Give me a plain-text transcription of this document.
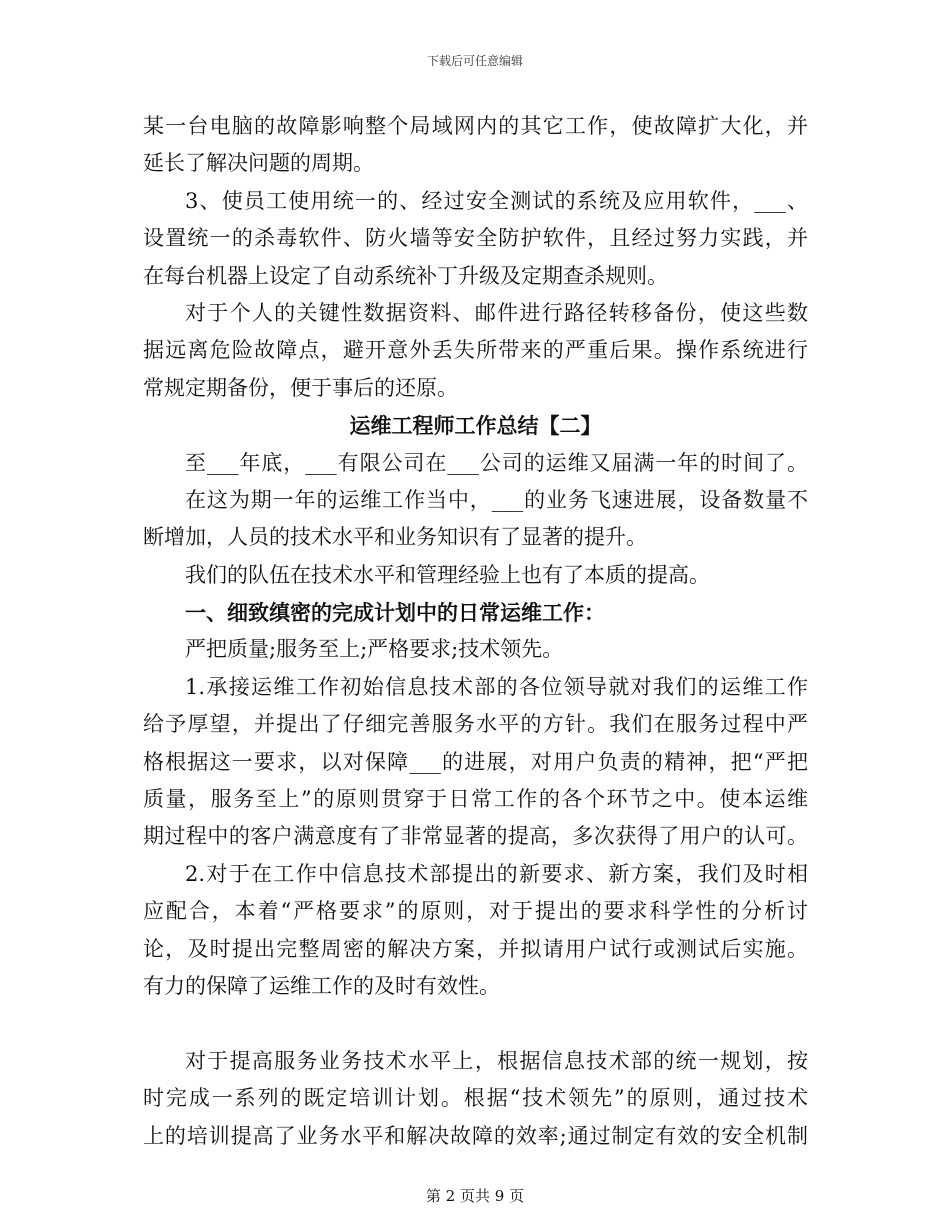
下载后可任意编辑
某一台电脑的故障影响整个局域网内的其它工作，使故障扩大化，并
延长了解决问题的周期。
3、使员工使用统一的、经过安全测试的系统及应用软件，___、
设置统一的杀毒软件、防火墙等安全防护软件，且经过努力实践，并
在每台机器上设定了自动系统补丁升级及定期查杀规则。
对于个人的关键性数据资料、邮件进行路径转移备份，使这些数
据远离危险故障点，避开意外丢失所带来的严重后果。操作系统进行
常规定期备份，便于事后的还原。
运维工程师工作总结【二】
至___年底，___有限公司在___公司的运维又届满一年的时间了。
在这为期一年的运维工作当中，___的业务飞速进展，设备数量不
断增加，人员的技术水平和业务知识有了显著的提升。
我们的队伍在技术水平和管理经验上也有了本质的提高。
一、细致缜密的完成计划中的日常运维工作：
严把质量;服务至上;严格要求;技术领先。
1.承接运维工作初始信息技术部的各位领导就对我们的运维工作
给予厚望，并提出了仔细完善服务水平的方针。我们在服务过程中严
格根据这一要求，以对保障___的进展，对用户负责的精神，把“严把
质量，服务至上”的原则贯穿于日常工作的各个环节之中。使本运维
期过程中的客户满意度有了非常显著的提高，多次获得了用户的认可。
2.对于在工作中信息技术部提出的新要求、新方案，我们及时相
应配合，本着“严格要求”的原则，对于提出的要求科学性的分析讨
论，及时提出完整周密的解决方案，并拟请用户试行或测试后实施。
有力的保障了运维工作的及时有效性。
对于提高服务业务技术水平上，根据信息技术部的统一规划，按
时完成一系列的既定培训计划。根据“技术领先”的原则，通过技术
上的培训提高了业务水平和解决故障的效率;通过制定有效的安全机制
第 2 页共 9 页
